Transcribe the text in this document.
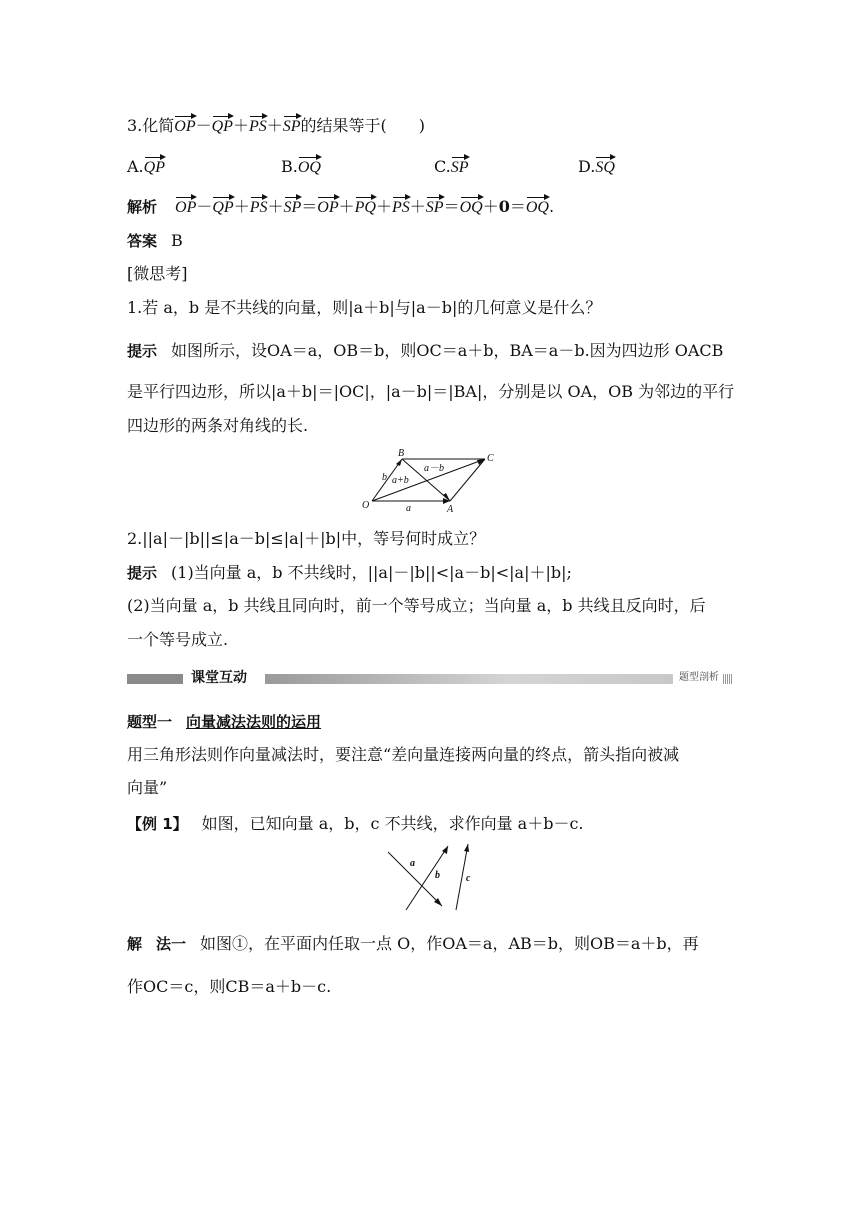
3.化简OP－QP＋PS＋SP的结果等于(　　)
A.QP	B.OQ	C.SP	D.SQ
解析 OP－QP＋PS＋SP＝OP＋PQ＋PS＋SP＝OQ＋0＝OQ.
答案 B
[微思考]
1.若 a，b 是不共线的向量，则|a＋b|与|a－b|的几何意义是什么？
提示 如图所示，设OA＝a，OB＝b，则OC＝a＋b，BA＝a－b.因为四边形 OACB
是平行四边形，所以|a＋b|＝|OC|，|a－b|＝|BA|，分别是以 OA，OB 为邻边的平行
四边形的两条对角线的长.
B	C
O	A
a
b a+b
a－b
2.||a|－|b||≤|a－b|≤|a|＋|b|中，等号何时成立？
提示 (1)当向量 a，b 不共线时，||a|－|b||<|a－b|<|a|＋|b|;
(2)当向量 a，b 共线且同向时，前一个等号成立；当向量 a，b 共线且反向时，后
一个等号成立.
课堂互动	题型剖析
题型一 向量减法法则的运用
用三角形法则作向量减法时，要注意“差向量连接两向量的终点，箭头指向被减
向量”
【例 1】 如图，已知向量 a，b，c 不共线，求作向量 a＋b－c.
a
b	c
解 法一 如图①，在平面内任取一点 O，作OA＝a，AB＝b，则OB＝a＋b，再
作OC＝c，则CB＝a＋b－c.
